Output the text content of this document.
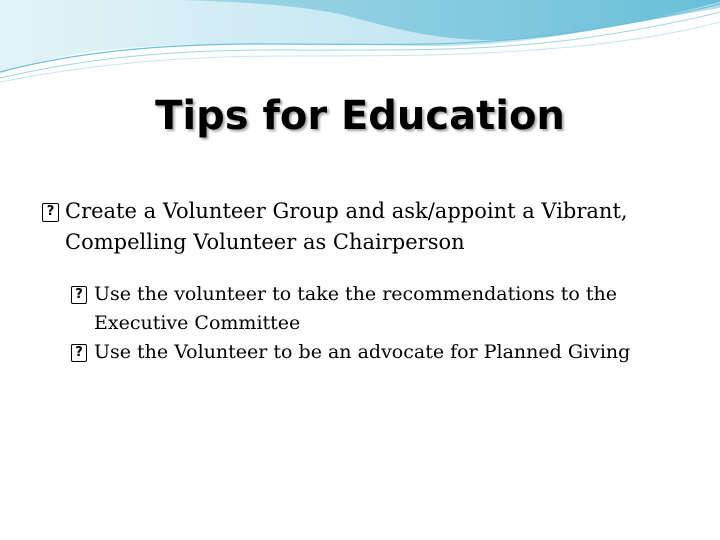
Tips for Education
?
Create a Volunteer Group and ask/appoint a Vibrant, Compelling Volunteer as Chairperson
?
Use the volunteer to take the recommendations to the Executive Committee
?
Use the Volunteer to be an advocate for Planned Giving
